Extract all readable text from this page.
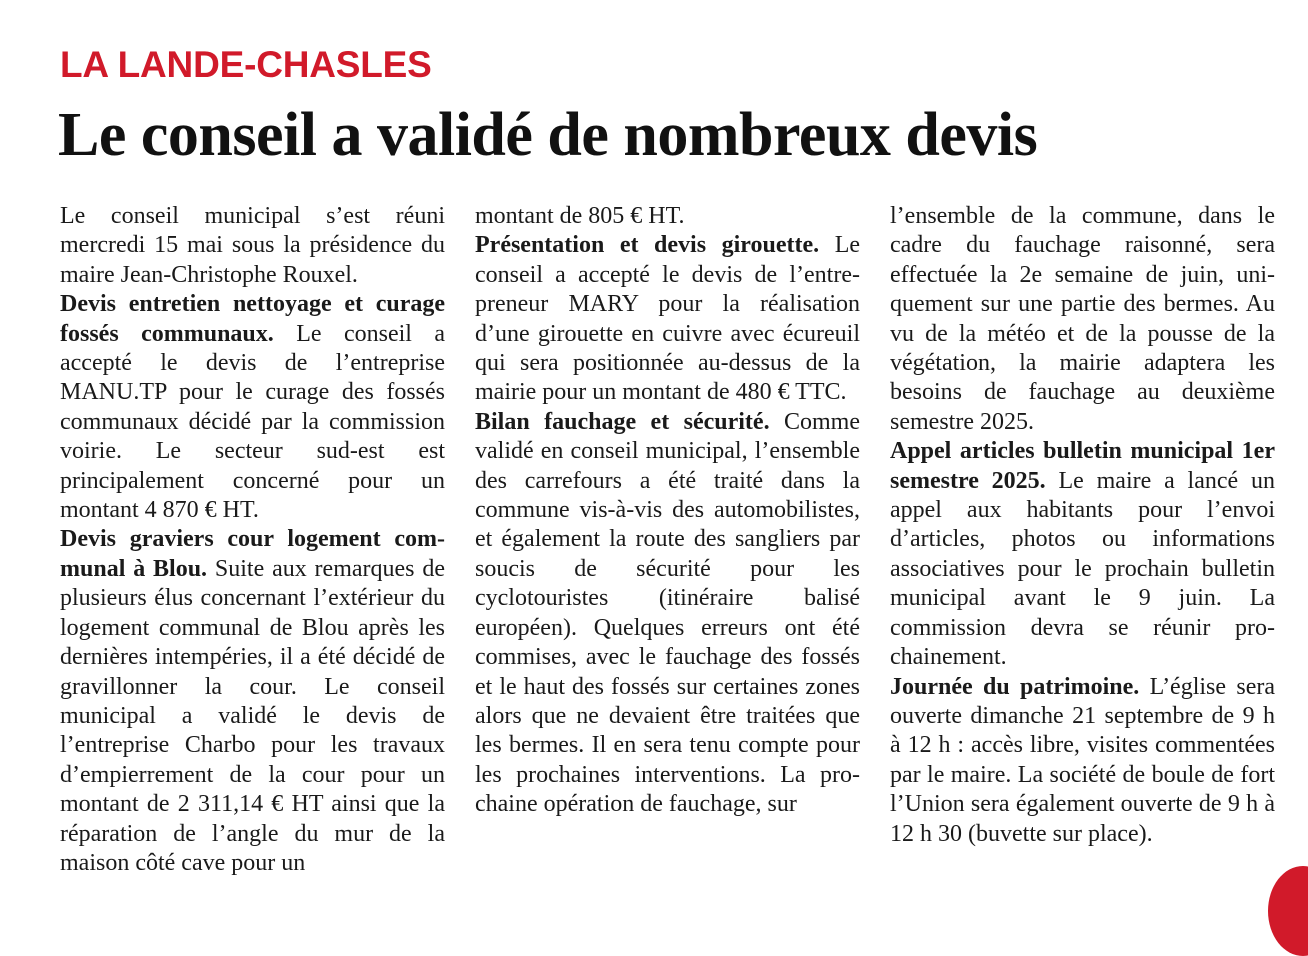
LA LANDE-CHASLES
Le conseil a validé de nombreux devis

Le conseil municipal s’est réuni mercredi 15 mai sous la présidence du maire Jean-Christophe Rouxel.

Devis entretien nettoyage et curage fossés communaux. Le conseil a accepté le devis de l’entreprise MANU.TP pour le curage des fossés communaux décidé par la commission voirie. Le secteur sud-est est principalement concerné pour un montant 4 870 € HT.

Devis graviers cour logement communal à Blou. Suite aux remarques de plusieurs élus concernant l’extérieur du logement communal de Blou après les dernières intempéries, il a été décidé de gravillonner la cour. Le conseil municipal a validé le devis de l’entreprise Charbo pour les travaux d’empierrement de la cour pour un montant de 2 311,14 € HT ainsi que la réparation de l’angle du mur de la maison côté cave pour un

montant de 805 € HT.

Présentation et devis girouette. Le conseil a accepté le devis de l’entrepreneur MARY pour la réalisation d’une girouette en cuivre avec écureuil qui sera positionnée au-dessus de la mairie pour un montant de 480 € TTC.

Bilan fauchage et sécurité. Comme validé en conseil municipal, l’ensemble des carrefours a été traité dans la commune vis-à-vis des automobilistes, et également la route des sangliers par soucis de sécurité pour les cyclotouristes (itinéraire balisé européen). Quelques erreurs ont été commises, avec le fauchage des fossés et le haut des fossés sur certaines zones alors que ne devaient être traitées que les bermes. Il en sera tenu compte pour les prochaines interventions. La prochaine opération de fauchage, sur

l’ensemble de la commune, dans le cadre du fauchage raisonné, sera effectuée la 2e semaine de juin, uniquement sur une partie des bermes. Au vu de la météo et de la pousse de la végétation, la mairie adaptera les besoins de fauchage au deuxième semestre 2025.

Appel articles bulletin municipal 1er semestre 2025. Le maire a lancé un appel aux habitants pour l’envoi d’articles, photos ou informations associatives pour le prochain bulletin municipal avant le 9 juin. La commission devra se réunir prochainement.

Journée du patrimoine. L’église sera ouverte dimanche 21 septembre de 9 h à 12 h : accès libre, visites commentées par le maire. La société de boule de fort l’Union sera également ouverte de 9 h à 12 h 30 (buvette sur place).
